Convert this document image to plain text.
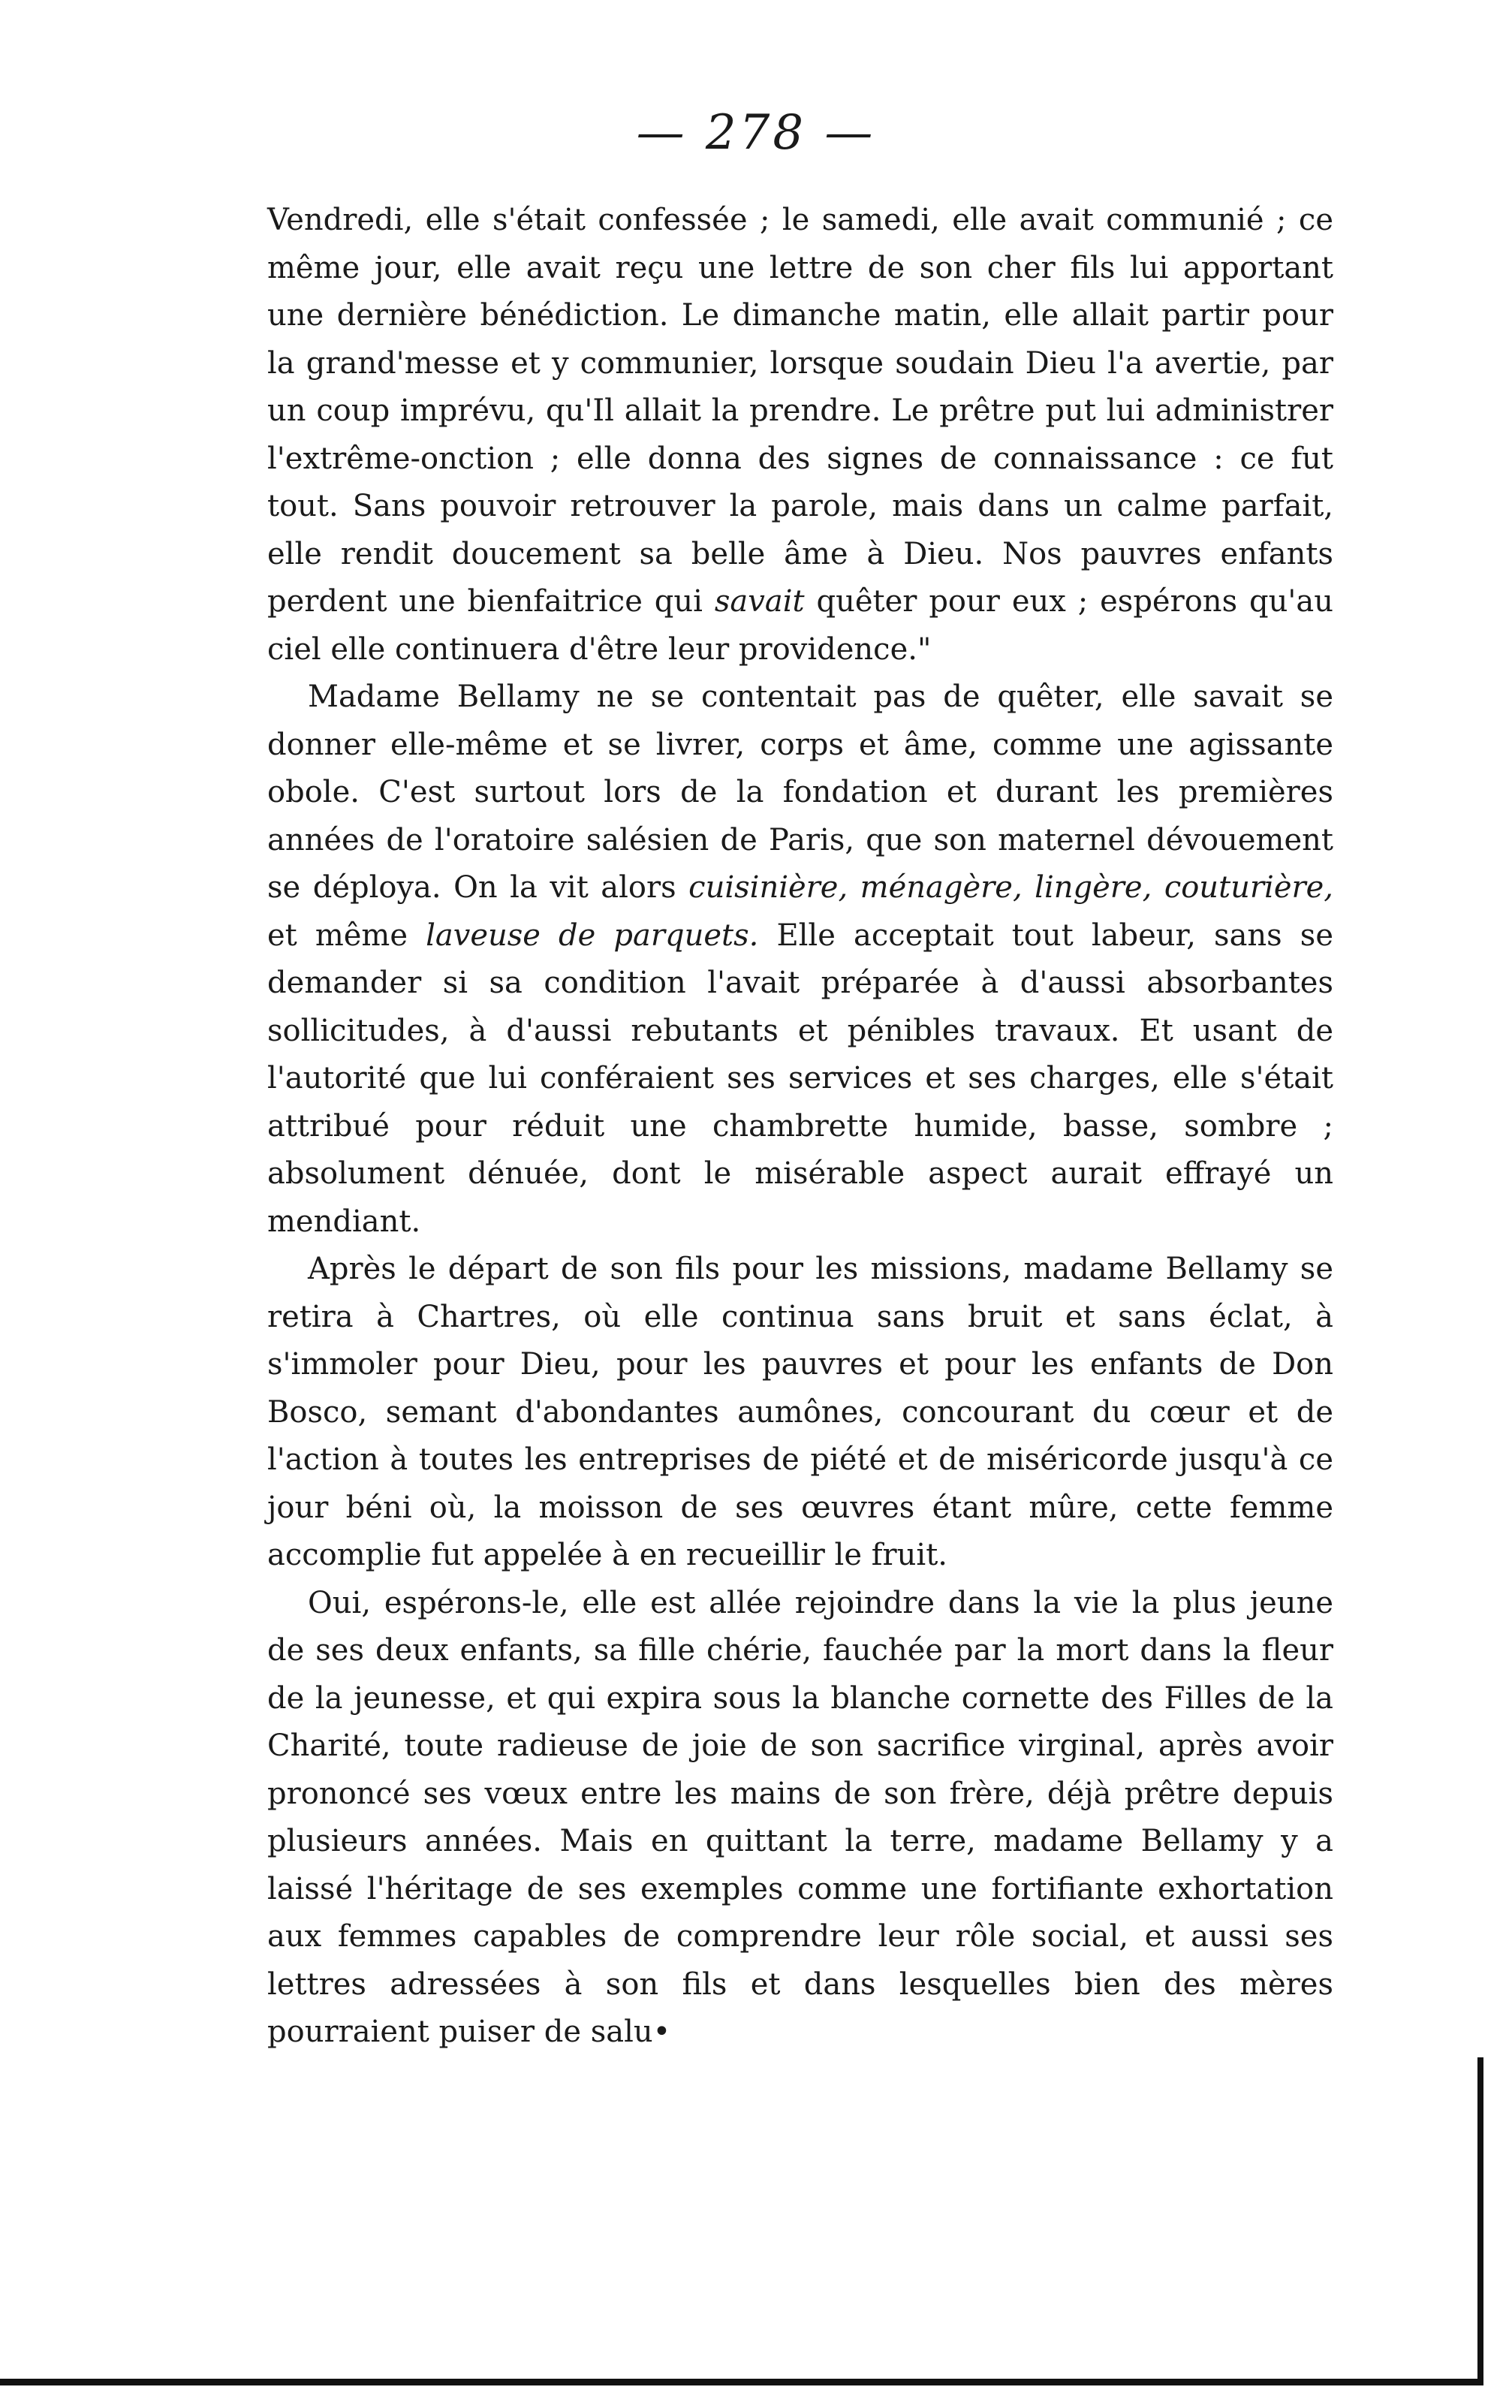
— 278 —

Vendredi, elle s'était confessée ; le samedi, elle avait communié ; ce même jour, elle avait reçu une lettre de son cher fils lui apportant une dernière bénédiction. Le dimanche matin, elle allait partir pour la grand'messe et y communier, lorsque soudain Dieu l'a avertie, par un coup imprévu, qu'Il allait la prendre. Le prêtre put lui administrer l'extrême-onction ; elle donna des signes de connaissance : ce fut tout. Sans pouvoir retrouver la parole, mais dans un calme parfait, elle rendit doucement sa belle âme à Dieu. Nos pauvres enfants perdent une bienfaitrice qui savait quêter pour eux ; espérons qu'au ciel elle continuera d'être leur providence."

Madame Bellamy ne se contentait pas de quêter, elle savait se donner elle-même et se livrer, corps et âme, comme une agissante obole. C'est surtout lors de la fondation et durant les premières années de l'oratoire salésien de Paris, que son maternel dévouement se déploya. On la vit alors cuisinière, ménagère, lingère, couturière, et même laveuse de parquets. Elle acceptait tout labeur, sans se demander si sa condition l'avait préparée à d'aussi absorbantes sollicitudes, à d'aussi rebutants et pénibles travaux. Et usant de l'autorité que lui conféraient ses services et ses charges, elle s'était attribué pour réduit une chambrette humide, basse, sombre ; absolument dénuée, dont le misérable aspect aurait effrayé un mendiant.

Après le départ de son fils pour les missions, madame Bellamy se retira à Chartres, où elle continua sans bruit et sans éclat, à s'immoler pour Dieu, pour les pauvres et pour les enfants de Don Bosco, semant d'abondantes aumônes, concourant du cœur et de l'action à toutes les entreprises de piété et de miséricorde jusqu'à ce jour béni où, la moisson de ses œuvres étant mûre, cette femme accomplie fut appelée à en recueillir le fruit.

Oui, espérons-le, elle est allée rejoindre dans la vie la plus jeune de ses deux enfants, sa fille chérie, fauchée par la mort dans la fleur de la jeunesse, et qui expira sous la blanche cornette des Filles de la Charité, toute radieuse de joie de son sacrifice virginal, après avoir prononcé ses vœux entre les mains de son frère, déjà prêtre depuis plusieurs années. Mais en quittant la terre, madame Bellamy y a laissé l'héritage de ses exemples comme une fortifiante exhortation aux femmes capables de comprendre leur rôle social, et aussi ses lettres adressées à son fils et dans lesquelles bien des mères pourraient puiser de salu•
